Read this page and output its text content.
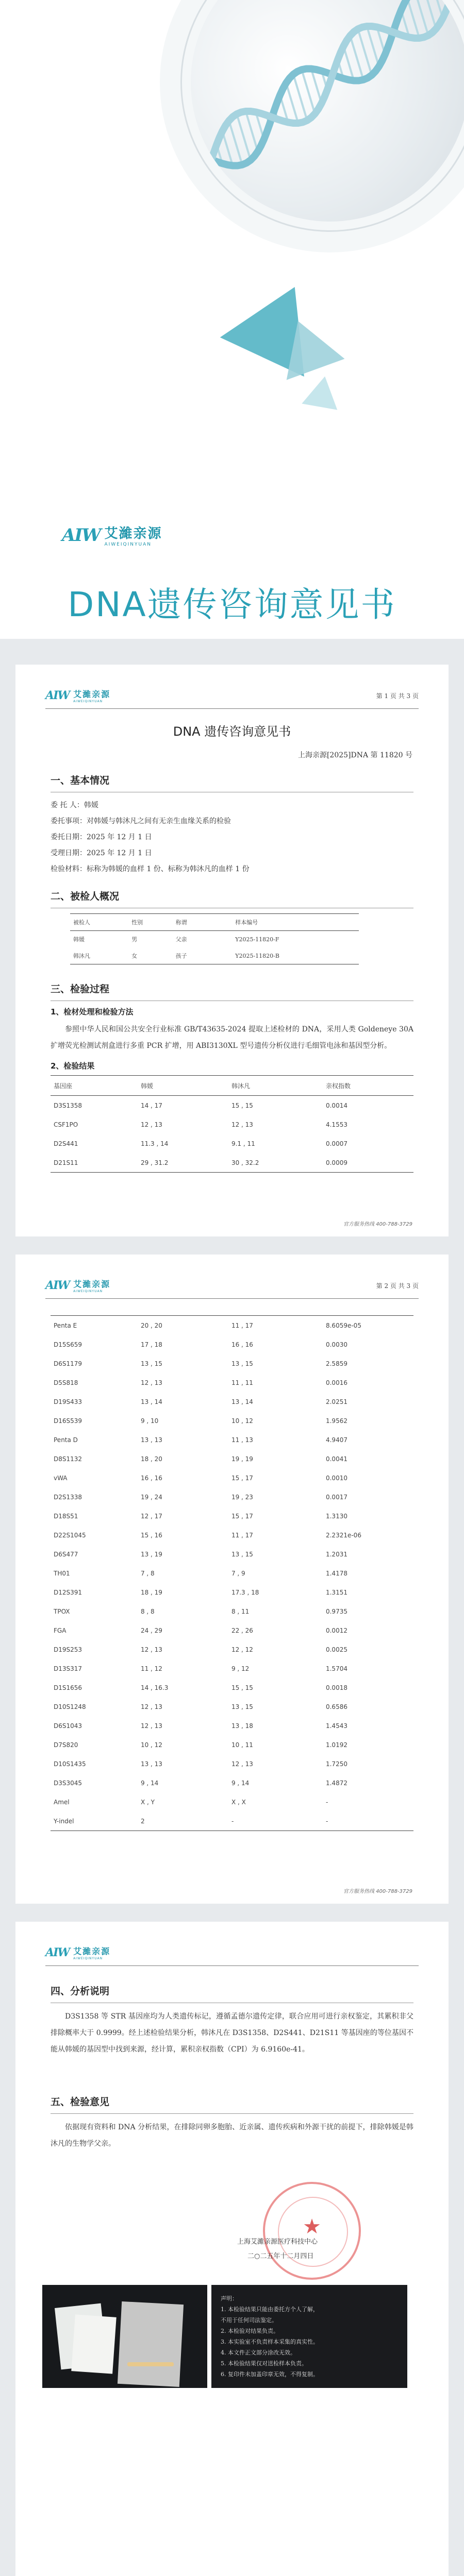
AIW 艾濰亲源
AIWEIQINYUAN
DNA遗传咨询意见书
AIW 艾濰亲源
AIWEIQINYUAN
第 1 页 共 3 页
DNA 遗传咨询意见书
上海亲源[2025]DNA 第 11820 号
一、基本情况

委 托 人：韩媛

委托事项：对韩媛与韩沐凡之间有无亲生血缘关系的检验

委托日期：2025 年 12 月 1 日

受理日期：2025 年 12 月 1 日

检验材料：标称为韩媛的血样 1 份、标称为韩沐凡的血样 1 份

二、被检人概况
被检人	性别	称谓		样本编号
韩媛	男	父亲		Y2025-11820-F
韩沐凡	女	孩子		Y2025-11820-B
三、检验过程

1、检材处理和检验方法

参照中华人民和国公共安全行业标准 GB/T43635-2024 提取上述检材的 DNA，采用人类 Goldeneye 30A 扩增荧光检测试剂盒进行多重 PCR 扩增，用 ABI3130XL 型号遗传分析仪进行毛细管电泳和基因型分析。

2、检验结果

基因座	韩媛	韩沐凡	亲权指数
D3S1358	14 , 17	15 , 15	0.0014
CSF1PO	12 , 13	12 , 13	4.1553
D2S441	11.3 , 14	9.1 , 11	0.0007
D21S11	29 , 31.2	30 , 32.2	0.0009
官方服务热线 400-788-3729
AIW 艾濰亲源
AIWEIQINYUAN
第 2 页 共 3 页
Penta E	20 , 20	11 , 17	8.6059e-05
D15S659	17 , 18	16 , 16	0.0030
D6S1179	13 , 15	13 , 15	2.5859
D5S818	12 , 13	11 , 11	0.0016
D19S433	13 , 14	13 , 14	2.0251
D16S539	9 , 10	10 , 12	1.9562
Penta D	13 , 13	11 , 13	4.9407
D8S1132	18 , 20	19 , 19	0.0041
vWA	16 , 16	15 , 17	0.0010
D2S1338	19 , 24	19 , 23	0.0017
D18S51	12 , 17	15 , 17	1.3130
D22S1045	15 , 16	11 , 17	2.2321e-06
D6S477	13 , 19	13 , 15	1.2031
TH01	7 , 8	7 , 9	1.4178
D12S391	18 , 19	17.3 , 18	1.3151
TPOX	8 , 8	8 , 11	0.9735
FGA	24 , 29	22 , 26	0.0012
D19S253	12 , 13	12 , 12	0.0025
D13S317	11 , 12	9 , 12	1.5704
D1S1656	14 , 16.3	15 , 15	0.0018
D10S1248	12 , 13	13 , 15	0.6586
D6S1043	12 , 13	13 , 18	1.4543
D7S820	10 , 12	10 , 11	1.0192
D10S1435	13 , 13	12 , 13	1.7250
D3S3045	9 , 14	9 , 14	1.4872
Amel	X , Y	X , X	-
Y-indel	2	-	-
官方服务热线 400-788-3729
AIW 艾濰亲源
AIWEIQINYUAN
四、分析说明

D3S1358 等 STR 基因座均为人类遗传标记，遵循孟德尔遗传定律，联合应用可进行亲权鉴定，其累积非父排除概率大于 0.9999。经上述检验结果分析，韩沐凡在 D3S1358、D2S441、D21S11 等基因座的等位基因不能从韩媛的基因型中找到来源，经计算，累积亲权指数（CPI）为 6.9160e-41。

五、检验意见

依据现有资料和 DNA 分析结果，在排除同卵多胞胎、近亲属、遗传疾病和外源干扰的前提下，排除韩媛是韩沐凡的生物学父亲。

★
上海艾濰亲源医疗科技中心
二○二五年十二月四日

声明：

1. 本检验结果只能由委托方个人了解，

不用于任何司法鉴定。

2. 本检验对结果负责。

3. 本实验室不负责样本采集的真实性。

4. 本文件正文部分涂改无效。

5. 本检验结果仅对送检样本负责。

6. 复印件未加盖印章无效，不得复制。
